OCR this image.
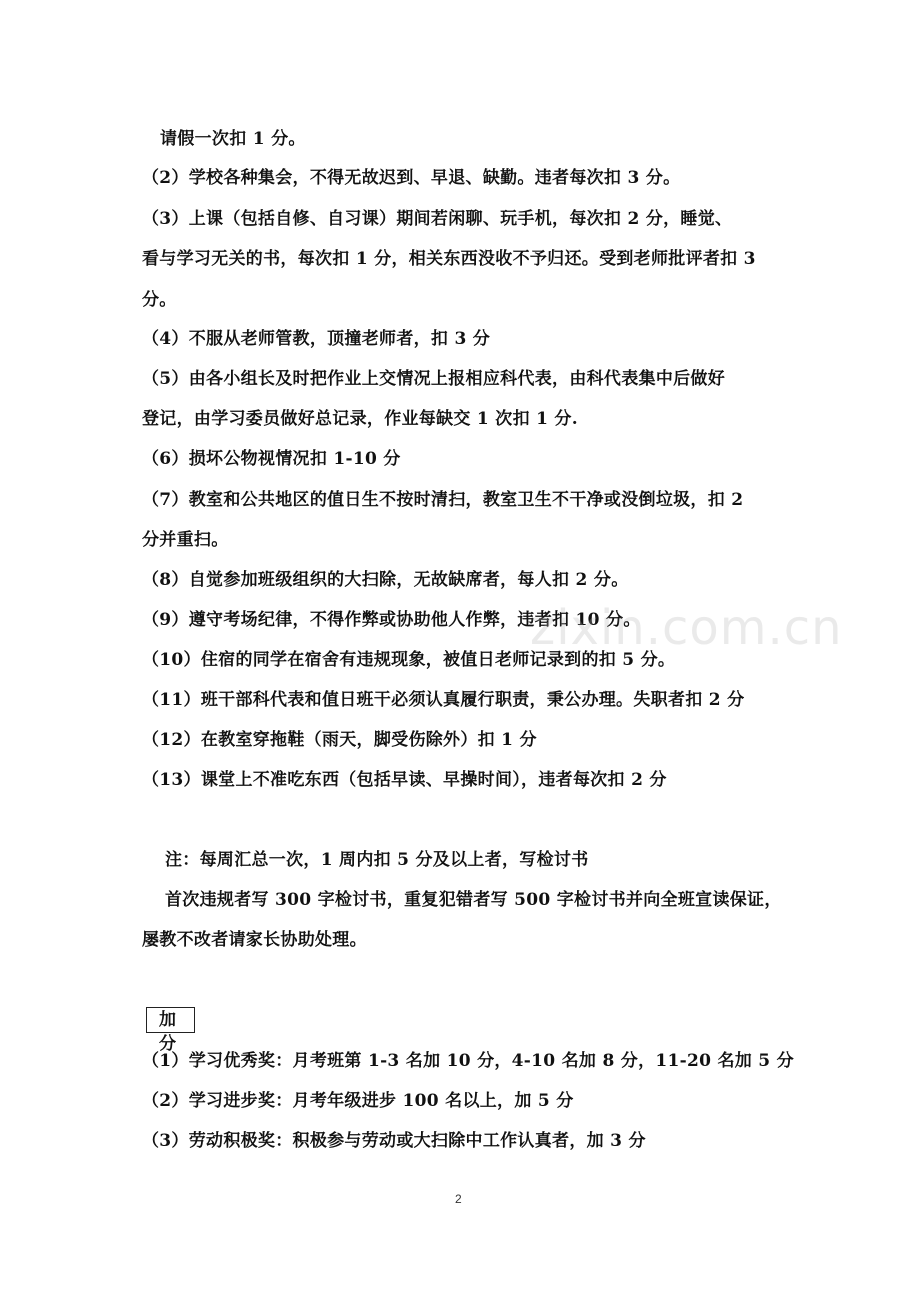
请假一次扣 1 分。
（2）学校各种集会，不得无故迟到、早退、缺勤。违者每次扣 3 分。
（3）上课（包括自修、自习课）期间若闲聊、玩手机，每次扣 2 分，睡觉、
看与学习无关的书，每次扣 1 分，相关东西没收不予归还。受到老师批评者扣 3
分。
（4）不服从老师管教，顶撞老师者，扣 3 分
（5）由各小组长及时把作业上交情况上报相应科代表，由科代表集中后做好
登记，由学习委员做好总记录，作业每缺交 1 次扣 1 分.
（6）损坏公物视情况扣 1-10 分
（7）教室和公共地区的值日生不按时清扫，教室卫生不干净或没倒垃圾，扣 2
分并重扫。
（8）自觉参加班级组织的大扫除，无故缺席者，每人扣 2 分。
（9）遵守考场纪律，不得作弊或协助他人作弊，违者扣 10 分。
（10）住宿的同学在宿舍有违规现象，被值日老师记录到的扣 5 分。
（11）班干部科代表和值日班干必须认真履行职责，秉公办理。失职者扣 2 分
（12）在教室穿拖鞋（雨天，脚受伤除外）扣 1 分
（13）课堂上不准吃东西（包括早读、早操时间），违者每次扣 2 分
注：每周汇总一次，1 周内扣 5 分及以上者，写检讨书
首次违规者写 300 字检讨书，重复犯错者写 500 字检讨书并向全班宣读保证，
屡教不改者请家长协助处理。
加 分
（1）学习优秀奖：月考班第 1-3 名加 10 分，4-10 名加 8 分，11-20 名加 5 分
（2）学习进步奖：月考年级进步 100 名以上，加 5 分
（3）劳动积极奖：积极参与劳动或大扫除中工作认真者，加 3 分
zixin.com.cn
2
